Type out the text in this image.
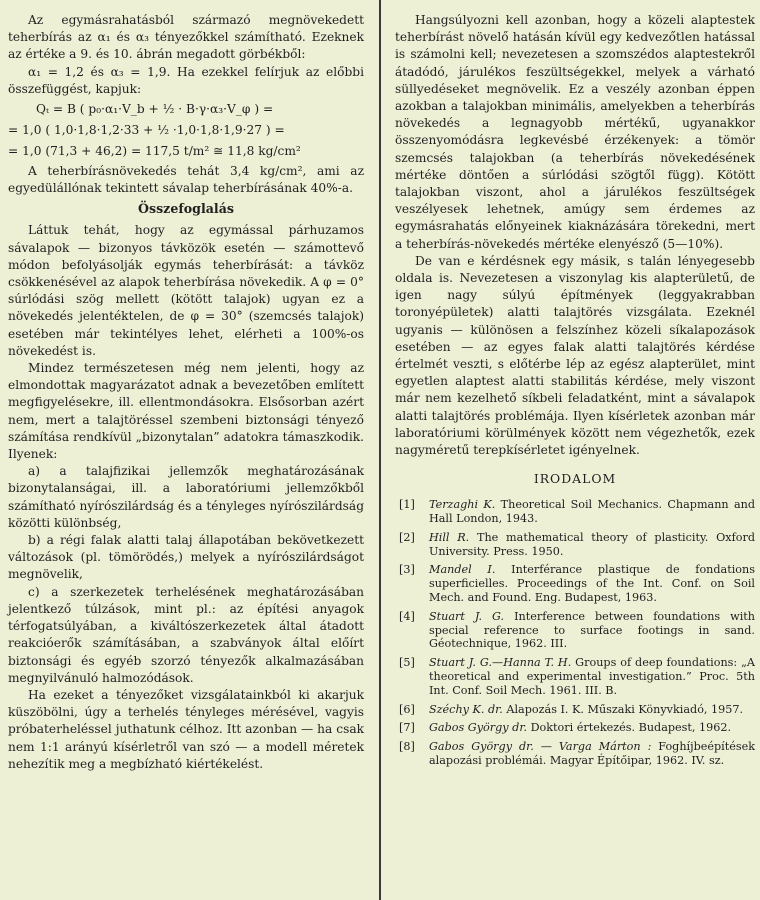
Az egymásrahatásból származó megnövekedett teherbírás az α₁ és α₃ tényezőkkel számítható. Ezeknek az értéke a 9. és 10. ábrán megadott görbékből:

α₁ = 1,2 és α₃ = 1,9. Ha ezekkel felírjuk az előbbi összefüggést, kapjuk:

Qₜ = B ( p₀·α₁·V_b + ½ · B·γ·α₃·V_φ ) =
= 1,0 ( 1,0·1,8·1,2·33 + ½ ·1,0·1,8·1,9·27 ) =
= 1,0 (71,3 + 46,2) = 117,5 t/m² ≅ 11,8 kg/cm²

A teherbírásnövekedés tehát 3,4 kg/cm², ami az egyedülállónak tekintett sávalap teherbírásának 40%-a.

Összefoglalás

Láttuk tehát, hogy az egymással párhuzamos sávalapok — bizonyos távközök esetén — számottevő módon befolyásolják egymás teherbírását: a távköz csökkenésével az alapok teherbírása növekedik. A φ = 0° súrlódási szög mellett (kötött talajok) ugyan ez a növekedés jelentéktelen, de φ = 30° (szemcsés talajok) esetében már tekintélyes lehet, elérheti a 100%-os növekedést is.

Mindez természetesen még nem jelenti, hogy az elmondottak magyarázatot adnak a bevezetőben említett megfigyelésekre, ill. ellentmondásokra. Elsősorban azért nem, mert a talajtöréssel szembeni biztonsági tényező számítása rendkívül „bizonytalan” adatokra támaszkodik. Ilyenek:

a) a talajfizikai jellemzők meghatározásának bizonytalanságai, ill. a laboratóriumi jellemzőkből számítható nyírószilárdság és a tényleges nyírószilárdság közötti különbség,

b) a régi falak alatti talaj állapotában bekövetkezett változások (pl. tömörödés,) melyek a nyírószilárdságot megnövelik,

c) a szerkezetek terhelésének meghatározásában jelentkező túlzások, mint pl.: az építési anyagok térfogatsúlyában, a kiváltószerkezetek által átadott reakcióerők számításában, a szabványok által előírt biztonsági és egyéb szorzó tényezők alkalmazásában megnyilvánuló halmozódások.

Ha ezeket a tényezőket vizsgálatainkból ki akarjuk küszöbölni, úgy a terhelés tényleges mérésével, vagyis próbaterheléssel juthatunk célhoz. Itt azonban — ha csak nem 1:1 arányú kísérletről van szó — a modell méretek nehezítik meg a megbízható kiértékelést.

Hangsúlyozni kell azonban, hogy a közeli alaptestek teherbírást növelő hatásán kívül egy kedvezőtlen hatással is számolni kell; nevezetesen a szomszédos alaptestekről átadódó, járulékos feszültségekkel, melyek a várható süllyedéseket megnövelik. Ez a veszély azonban éppen azokban a talajokban minimális, amelyekben a teherbírás növekedés a legnagyobb mértékű, ugyanakkor összenyomódásra legkevésbé érzékenyek: a tömör szemcsés talajokban (a teherbírás növekedésének mértéke döntően a súrlódási szögtől függ). Kötött talajokban viszont, ahol a járulékos feszültségek veszélyesek lehetnek, amúgy sem érdemes az egymásrahatás előnyeinek kiaknázására törekedni, mert a teherbírás-növekedés mértéke elenyésző (5—10%).

De van e kérdésnek egy másik, s talán lényegesebb oldala is. Nevezetesen a viszonylag kis alapterületű, de igen nagy súlyú építmények (leggyakrabban toronyépületek) alatti talajtörés vizsgálata. Ezeknél ugyanis — különösen a felszínhez közeli síkalapozások esetében — az egyes falak alatti talajtörés kérdése értelmét veszti, s előtérbe lép az egész alapterület, mint egyetlen alaptest alatti stabilitás kérdése, mely viszont már nem kezelhető síkbeli feladatként, mint a sávalapok alatti talajtörés problémája. Ilyen kísérletek azonban már laboratóriumi körülmények között nem végezhetők, ezek nagyméretű terepkísérletet igényelnek.

IRODALOM
[1] Terzaghi K. Theoretical Soil Mechanics. Chapmann and Hall London, 1943.
[2] Hill R. The mathematical theory of plasticity. Oxford University. Press. 1950.
[3] Mandel I. Interférance plastique de fondations superficielles. Proceedings of the Int. Conf. on Soil Mech. and Found. Eng. Budapest, 1963.
[4] Stuart J. G. Interference between foundations with special reference to surface footings in sand. Géotechnique, 1962. III.
[5] Stuart J. G.—Hanna T. H. Groups of deep foundations: „A theoretical and experimental investigation.” Proc. 5th Int. Conf. Soil Mech. 1961. III. B.
[6] Széchy K. dr. Alapozás I. K. Műszaki Könyvkiadó, 1957.
[7] Gabos György dr. Doktori értekezés. Budapest, 1962.
[8] Gabos György dr. — Varga Márton : Foghíjbeépítések alapozási problémái. Magyar Építőipar, 1962. IV. sz.
